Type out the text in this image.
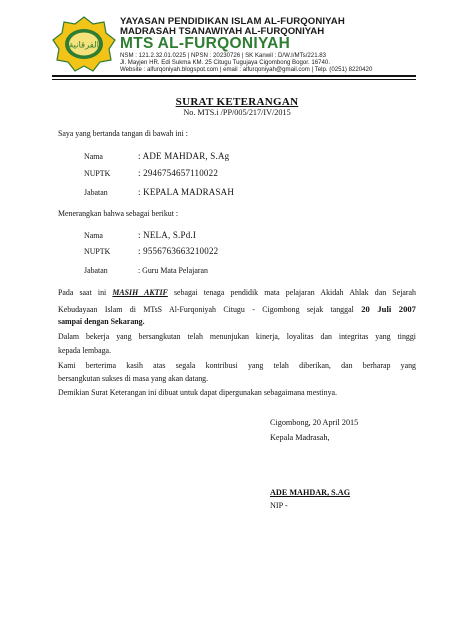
الفرقانية
YAYASAN PENDIDIKAN ISLAM AL-FURQONIYAH
MADRASAH TSANAWIYAH AL-FURQONIYAH
MTS AL-FURQONIYAH
NSM : 121.2.32.01.0225 | NPSN : 20230726 | SK Kanwil : D/W.I/MTs/221.83
Jl. Mayjen HR. Edi Sukma KM. 25 Citugu Tugujaya Cigombong Bogor. 16740.
Website : alfurqoniyah.blogspot.com | email : alfurqoniyah@gmail.com | Telp. (0251) 8220420
SURAT KETERANGAN
No. MTS.i /PP/005/217/IV/2015
Saya yang bertanda tangan di bawah ini :
Nama	: ADE MAHDAR, S.Ag
NUPTK	: 2946754657110022
Jabatan	: KEPALA MADRASAH
Menerangkan bahwa sebagai berikut :
Nama	: NELA, S.Pd.I
NUPTK	: 9556763663210022
Jabatan	: Guru Mata Pelajaran
Pada saat ini MASIH AKTIF sebagai tenaga pendidik mata pelajaran Akidah Ahlak dan Sejarah
Kebudayaan Islam di MTsS Al-Furqoniyah Citugu - Cigombong sejak tanggal 20 Juli 2007
sampai dengan Sekarang.
Dalam bekerja yang bersangkutan telah menunjukan kinerja, loyalitas dan integritas yang tinggi
kepada lembaga.
Kami berterima kasih atas segala kontribusi yang telah diberikan, dan berharap yang
bersangkutan sukses di masa yang akan datang.
Demikian Surat Keterangan ini dibuat untuk dapat dipergunakan sebagaimana mestinya.
Cigombong, 20 April 2015
Kepala Madrasah,
ADE MAHDAR, S.AG
NIP -
